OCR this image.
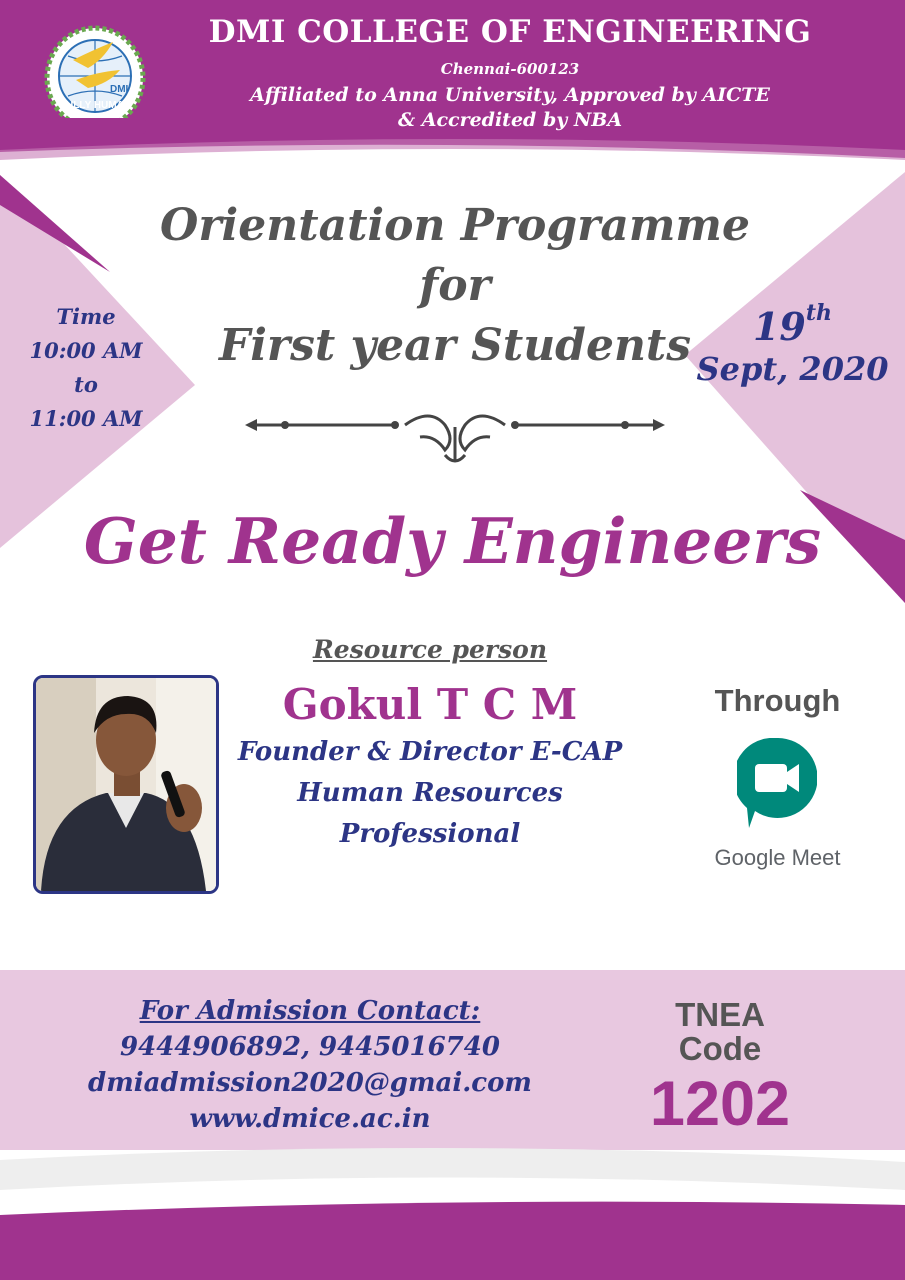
FULLY HUMAN
DMI
DMI COLLEGE OF ENGINEERING
Chennai-600123
Affiliated to Anna University, Approved by AICTE
& Accredited by NBA
Orientation Programme
for
First year Students
Time
10:00 AM
to
11:00 AM
19th
Sept, 2020
Get Ready Engineers
Resource person
Gokul T C M
Founder & Director E-CAP
Human Resources
Professional
Through
Google Meet
For Admission Contact:
9444906892, 9445016740
dmiadmission2020@gmai.com
www.dmice.ac.in
TNEA
Code
1202
